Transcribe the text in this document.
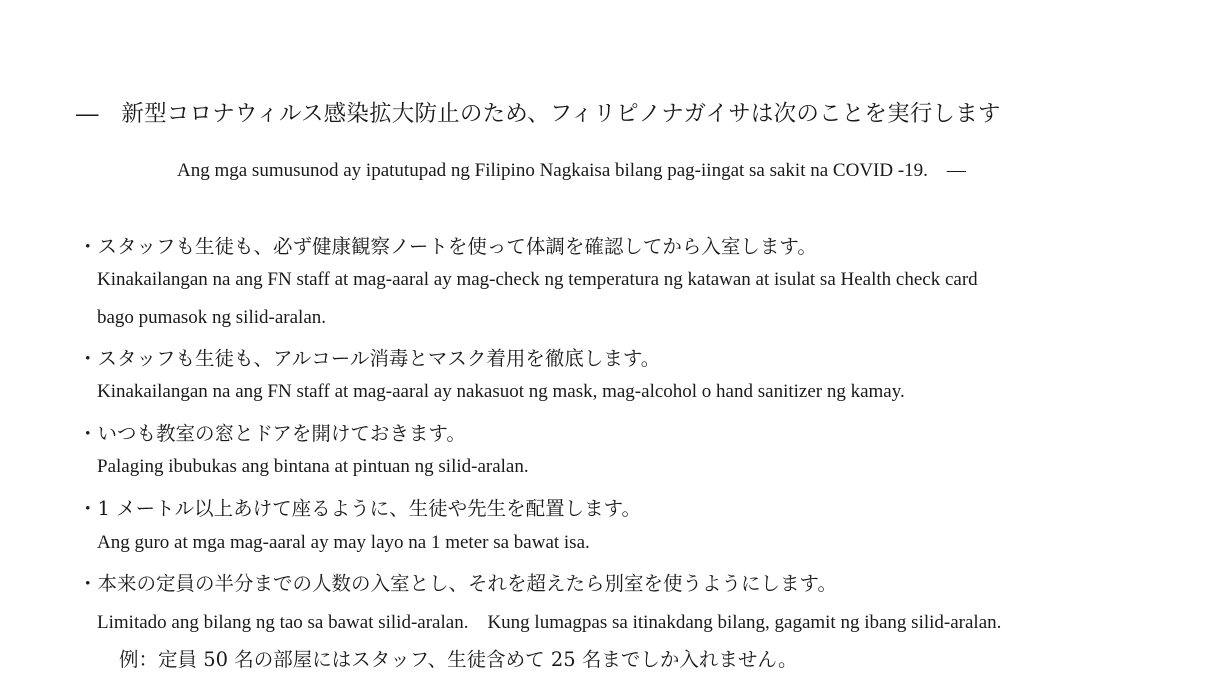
―　新型コロナウィルス感染拡大防止のため、フィリピノナガイサは次のことを実行します
Ang mga sumusunod ay ipatutupad ng Filipino Nagkaisa bilang pag-iingat sa sakit na COVID -19.　―
・スタッフも生徒も、必ず健康観察ノートを使って体調を確認してから入室します。
Kinakailangan na ang FN staff at mag-aaral ay mag-check ng temperatura ng katawan at isulat sa Health check card
bago pumasok ng silid-aralan.
・スタッフも生徒も、アルコール消毒とマスク着用を徹底します。
Kinakailangan na ang FN staff at mag-aaral ay nakasuot ng mask, mag-alcohol o hand sanitizer ng kamay.
・いつも教室の窓とドアを開けておきます。
Palaging ibubukas ang bintana at pintuan ng silid-aralan.
・1 メートル以上あけて座るように、生徒や先生を配置します。
Ang guro at mga mag-aaral ay may layo na 1 meter sa bawat isa.
・本来の定員の半分までの人数の入室とし、それを超えたら別室を使うようにします。
Limitado ang bilang ng tao sa bawat silid-aralan.　Kung lumagpas sa itinakdang bilang, gagamit ng ibang silid-aralan.
例：定員 50 名の部屋にはスタッフ、生徒含めて 25 名までしか入れません。
